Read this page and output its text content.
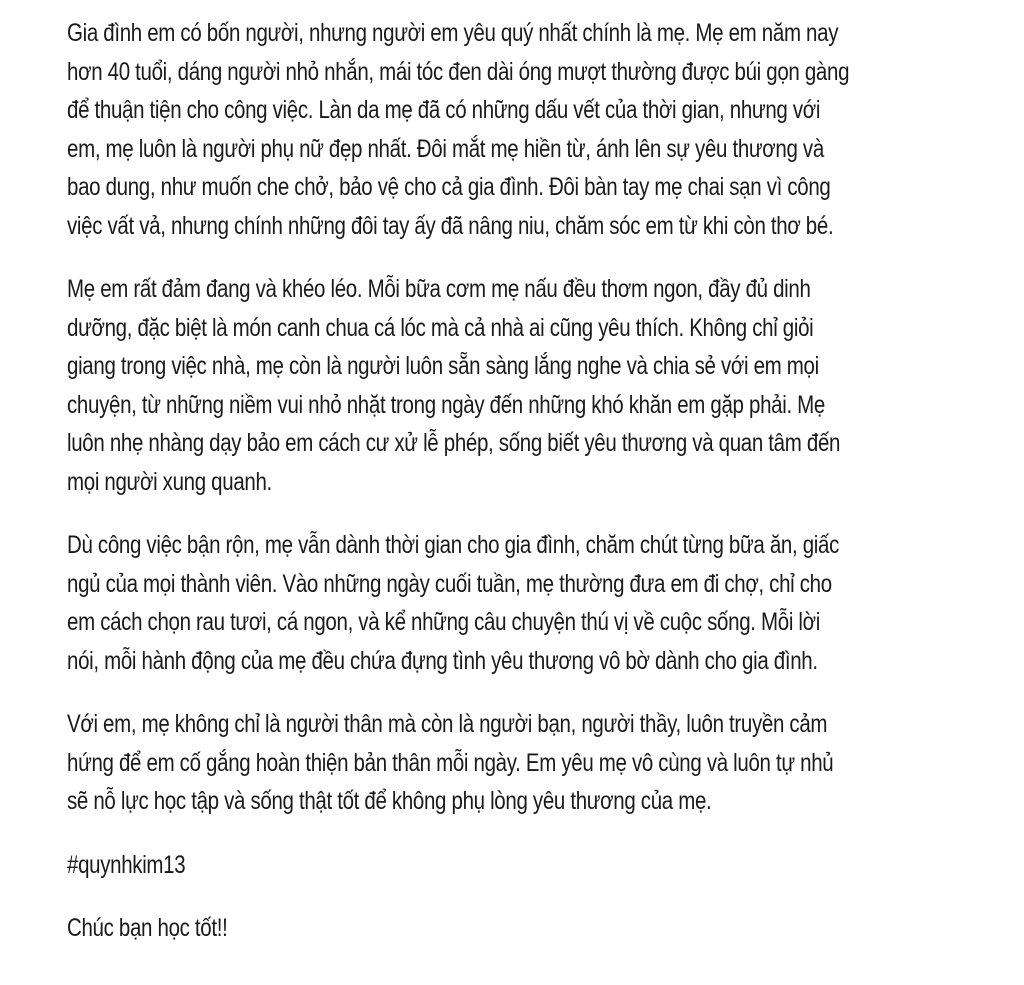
Gia đình em có bốn người, nhưng người em yêu quý nhất chính là mẹ. Mẹ em năm nay
hơn 40 tuổi, dáng người nhỏ nhắn, mái tóc đen dài óng mượt thường được búi gọn gàng
để thuận tiện cho công việc. Làn da mẹ đã có những dấu vết của thời gian, nhưng với
em, mẹ luôn là người phụ nữ đẹp nhất. Đôi mắt mẹ hiền từ, ánh lên sự yêu thương và
bao dung, như muốn che chở, bảo vệ cho cả gia đình. Đôi bàn tay mẹ chai sạn vì công
việc vất vả, nhưng chính những đôi tay ấy đã nâng niu, chăm sóc em từ khi còn thơ bé.

Mẹ em rất đảm đang và khéo léo. Mỗi bữa cơm mẹ nấu đều thơm ngon, đầy đủ dinh
dưỡng, đặc biệt là món canh chua cá lóc mà cả nhà ai cũng yêu thích. Không chỉ giỏi
giang trong việc nhà, mẹ còn là người luôn sẵn sàng lắng nghe và chia sẻ với em mọi
chuyện, từ những niềm vui nhỏ nhặt trong ngày đến những khó khăn em gặp phải. Mẹ
luôn nhẹ nhàng dạy bảo em cách cư xử lễ phép, sống biết yêu thương và quan tâm đến
mọi người xung quanh.

Dù công việc bận rộn, mẹ vẫn dành thời gian cho gia đình, chăm chút từng bữa ăn, giấc
ngủ của mọi thành viên. Vào những ngày cuối tuần, mẹ thường đưa em đi chợ, chỉ cho
em cách chọn rau tươi, cá ngon, và kể những câu chuyện thú vị về cuộc sống. Mỗi lời
nói, mỗi hành động của mẹ đều chứa đựng tình yêu thương vô bờ dành cho gia đình.

Với em, mẹ không chỉ là người thân mà còn là người bạn, người thầy, luôn truyền cảm
hứng để em cố gắng hoàn thiện bản thân mỗi ngày. Em yêu mẹ vô cùng và luôn tự nhủ
sẽ nỗ lực học tập và sống thật tốt để không phụ lòng yêu thương của mẹ.

#quynhkim13

Chúc bạn học tốt!!
